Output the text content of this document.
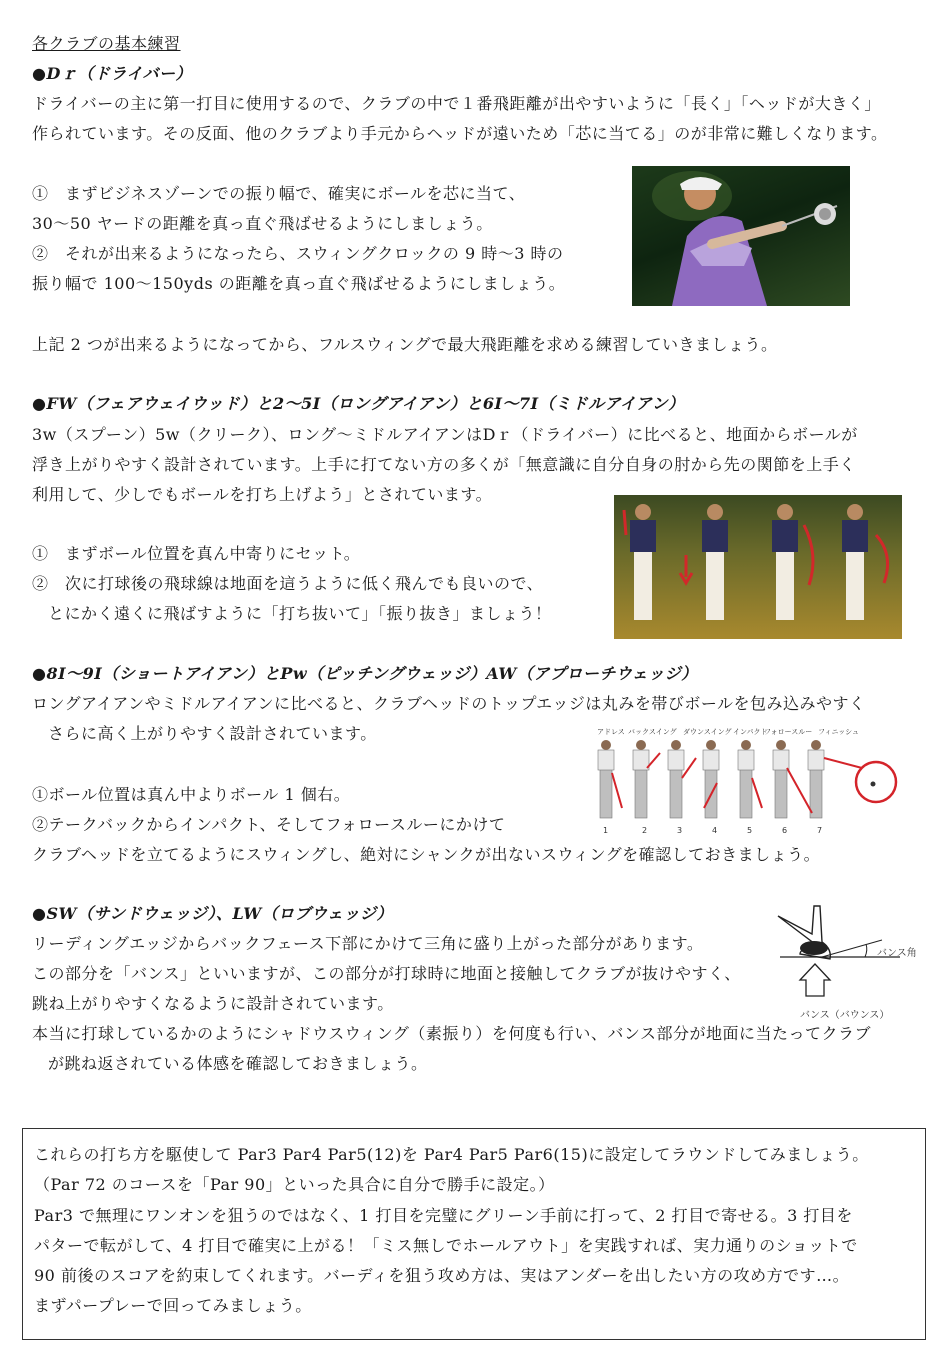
各クラブの基本練習
●Dｒ（ドライバー）
ドライバーの主に第一打目に使用するので、クラブの中で１番飛距離が出やすいように「長く」「ヘッドが大きく」
作られています。その反面、他のクラブより手元からヘッドが遠いため「芯に当てる」のが非常に難しくなります。
①　まずビジネスゾーンでの振り幅で、確実にボールを芯に当て、
30～50 ヤードの距離を真っ直ぐ飛ばせるようにしましょう。
②　それが出来るようになったら、スウィングクロックの 9 時～3 時の
振り幅で 100～150yds の距離を真っ直ぐ飛ばせるようにしましょう。
上記 2 つが出来るようになってから、フルスウィングで最大飛距離を求める練習していきましょう。
●FW（フェアウェイウッド）と2～5I（ロングアイアン）と6I～7I（ミドルアイアン）
3w（スプーン）5w（クリーク）、ロング～ミドルアイアンはDｒ（ドライバー）に比べると、地面からボールが
浮き上がりやすく設計されています。上手に打てない方の多くが「無意識に自分自身の肘から先の関節を上手く
利用して、少しでもボールを打ち上げよう」とされています。
①　まずボール位置を真ん中寄りにセット。
②　次に打球後の飛球線は地面を這うように低く飛んでも良いので、
とにかく遠くに飛ばすように「打ち抜いて」「振り抜き」ましょう！
●8I～9I（ショートアイアン）とPw（ピッチングウェッジ）AW（アプローチウェッジ）
ロングアイアンやミドルアイアンに比べると、クラブヘッドのトップエッジは丸みを帯びボールを包み込みやすく
さらに高く上がりやすく設計されています。
①ボール位置は真ん中よりボール 1 個右。
②テークバックからインパクト、そしてフォロースルーにかけて
クラブヘッドを立てるようにスウィングし、絶対にシャンクが出ないスウィングを確認しておきましょう。
アドレス バックスイング ダウンスイング インパクト
フォロースルー フィニッシュ
1	2	3	4	5	6	7
●SW（サンドウェッジ）、LW（ロブウェッジ）
リーディングエッジからバックフェース下部にかけて三角に盛り上がった部分があります。
この部分を「バンス」といいますが、この部分が打球時に地面と接触してクラブが抜けやすく、
跳ね上がりやすくなるように設計されています。
本当に打球しているかのようにシャドウスウィング（素振り）を何度も行い、バンス部分が地面に当たってクラブ
が跳ね返されている体感を確認しておきましょう。
バンス角
バンス（バウンス）
これらの打ち方を駆使して Par3 Par4 Par5(12)を Par4 Par5 Par6(15)に設定してラウンドしてみましょう。
（Par 72 のコースを「Par 90」といった具合に自分で勝手に設定。）
Par3 で無理にワンオンを狙うのではなく、1 打目を完璧にグリーン手前に打って、2 打目で寄せる。3 打目を
パターで転がして、4 打目で確実に上がる！「ミス無しでホールアウト」を実践すれば、実力通りのショットで
90 前後のスコアを約束してくれます。バーディを狙う攻め方は、実はアンダーを出したい方の攻め方です…。
まずパープレーで回ってみましょう。
